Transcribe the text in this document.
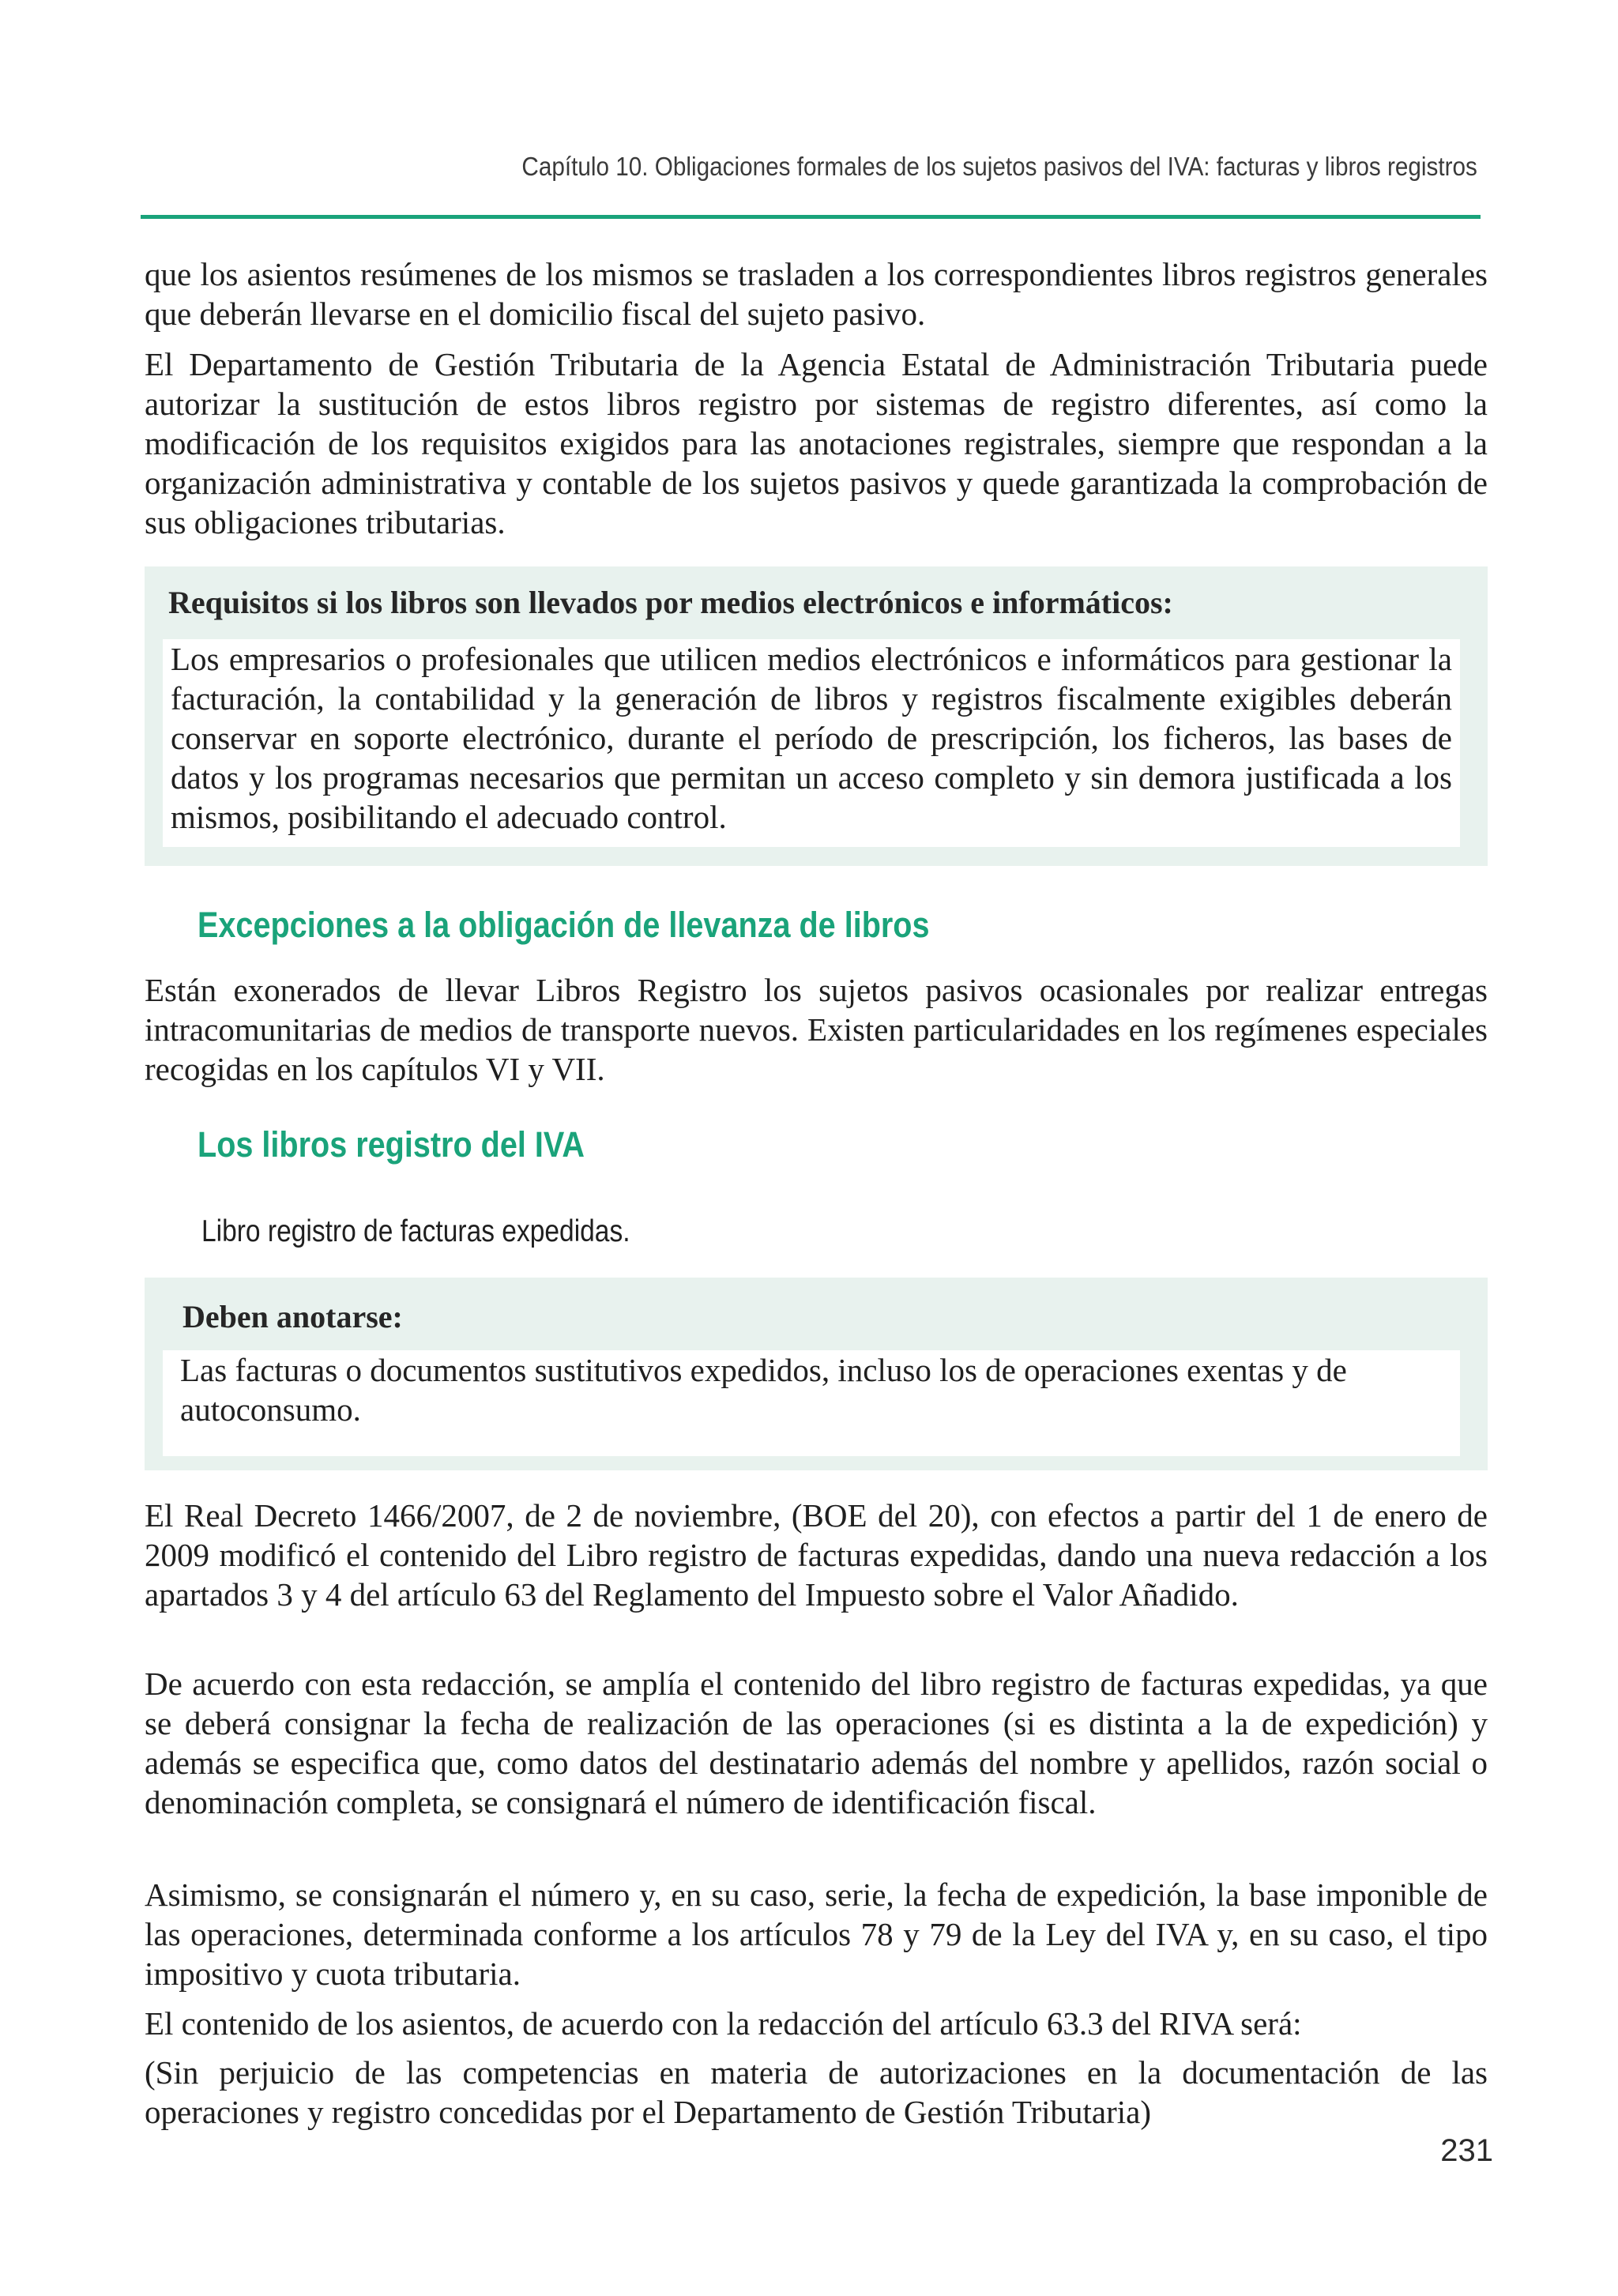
Capítulo 10. Obligaciones formales de los sujetos pasivos del IVA: facturas y libros registros

que los asientos resúmenes de los mismos se trasladen a los correspondientes libros registros generales que deberán llevarse en el domicilio fiscal del sujeto pasivo.

El Departamento de Gestión Tributaria de la Agencia Estatal de Administración Tributaria puede autorizar la sustitución de estos libros registro por sistemas de registro diferentes, así como la modificación de los requisitos exigidos para las anotaciones registrales, siempre que respondan a la organización administrativa y contable de los sujetos pasivos y quede garantizada la comprobación de sus obligaciones tributarias.

Requisitos si los libros son llevados por medios electrónicos e informáticos:
Los empresarios o profesionales que utilicen medios electrónicos e informáticos para gestionar la facturación, la contabilidad y la generación de libros y registros fiscalmente exigibles deberán conservar en soporte electrónico, durante el período de prescripción, los ficheros, las bases de datos y los programas necesarios que permitan un acceso completo y sin demora justificada a los mismos, posibilitando el adecuado control.
Excepciones a la obligación de llevanza de libros

Están exonerados de llevar Libros Registro los sujetos pasivos ocasionales por realizar entregas intracomunitarias de medios de transporte nuevos. Existen particularidades en los regímenes especiales recogidas en los capítulos VI y VII.

Los libros registro del IVA
Libro registro de facturas expedidas.
Deben anotarse:
Las facturas o documentos sustitutivos expedidos, incluso los de operaciones exentas y de autoconsumo.

El Real Decreto 1466/2007, de 2 de noviembre, (BOE del 20), con efectos a partir del 1 de enero de 2009 modificó el contenido del Libro registro de facturas expedidas, dando una nueva redacción a los apartados 3 y 4 del artículo 63 del Reglamento del Impuesto sobre el Valor Añadido.

De acuerdo con esta redacción, se amplía el contenido del libro registro de facturas expedidas, ya que se deberá consignar la fecha de realización de las operaciones (si es distinta a la de expedición) y además se especifica que, como datos del destinatario además del nombre y apellidos, razón social o denominación completa, se consignará el número de identificación fiscal.

Asimismo, se consignarán el número y, en su caso, serie, la fecha de expedición, la base imponible de las operaciones, determinada conforme a los artículos 78 y 79 de la Ley del IVA y, en su caso, el tipo impositivo y cuota tributaria.

El contenido de los asientos, de acuerdo con la redacción del artículo 63.3 del RIVA será:

(Sin perjuicio de las competencias en materia de autorizaciones en la documentación de las operaciones y registro concedidas por el Departamento de Gestión Tributaria)

231
